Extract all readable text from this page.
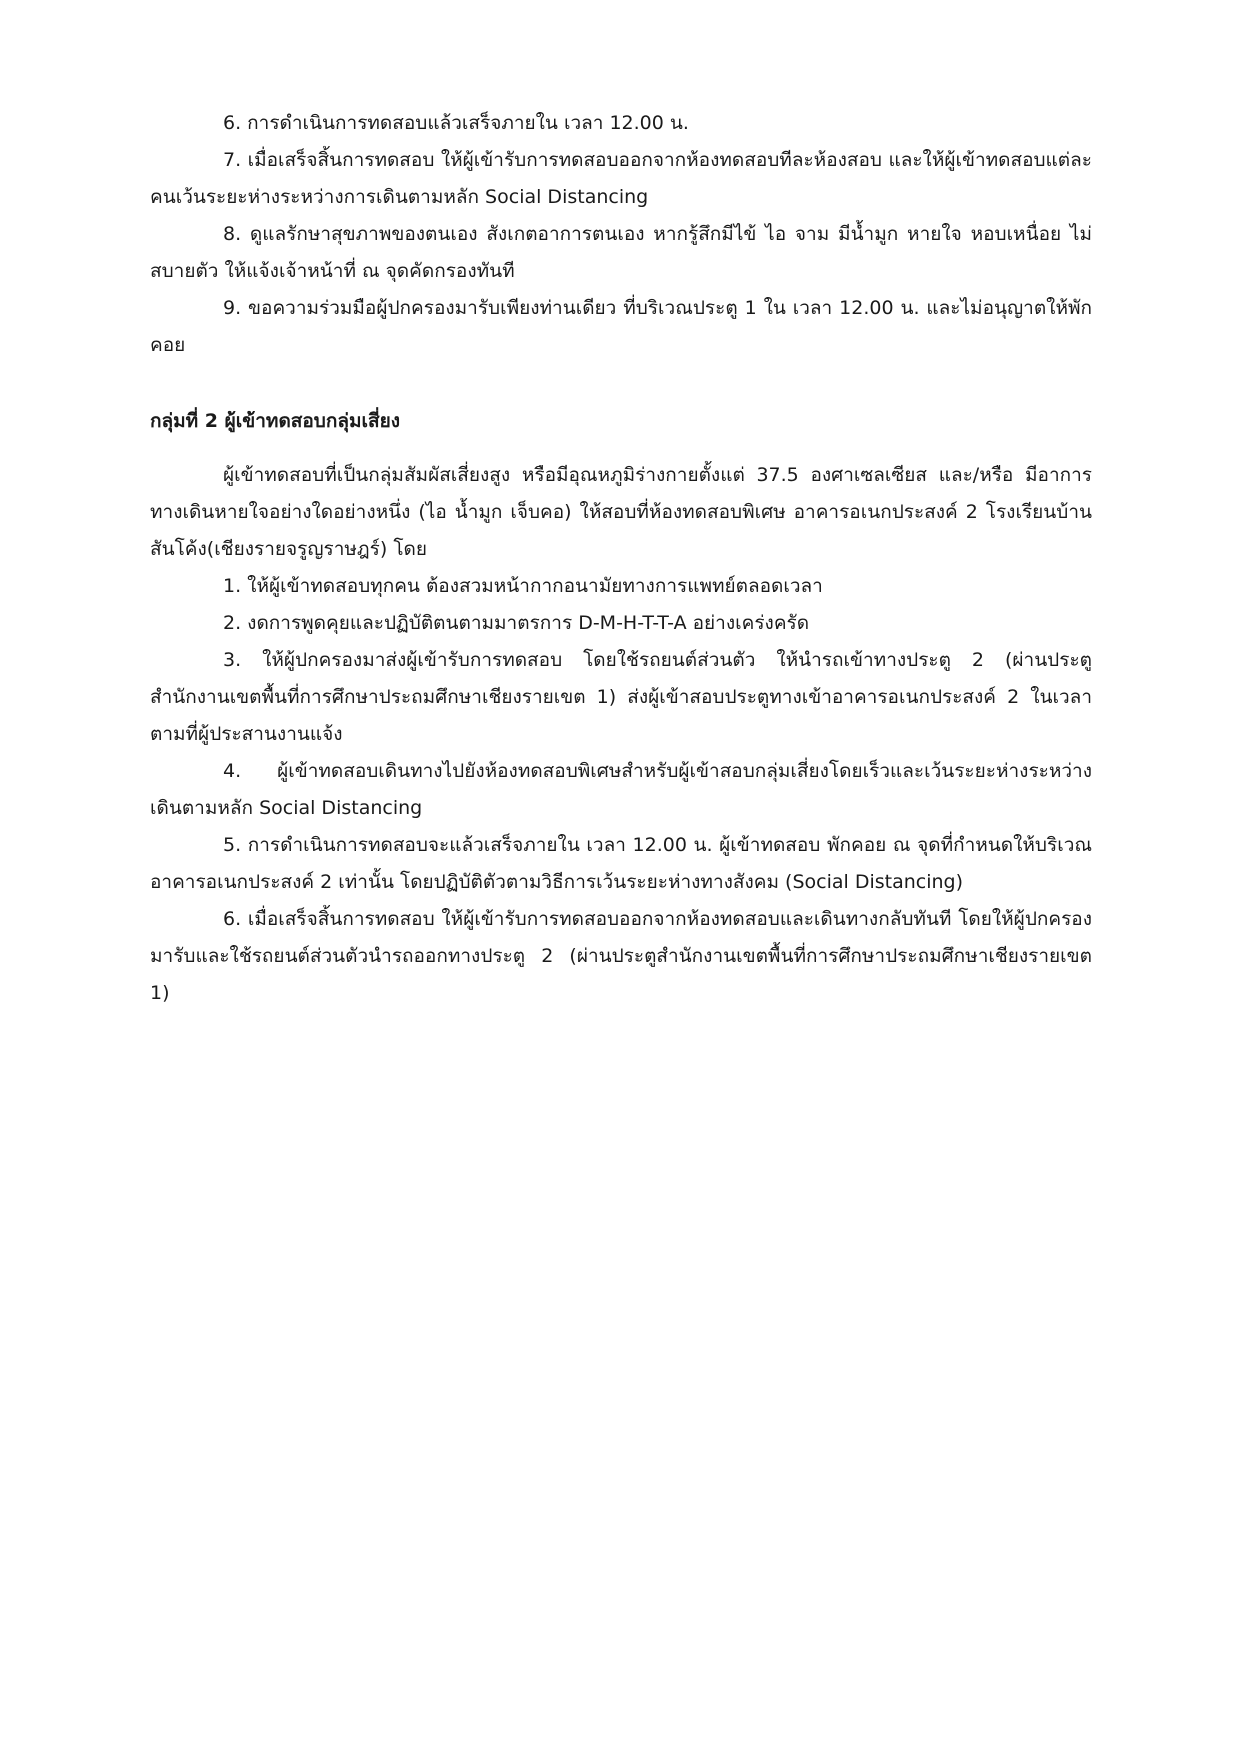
6. การดำเนินการทดสอบแล้วเสร็จภายใน เวลา 12.00 น.

7. เมื่อเสร็จสิ้นการทดสอบ ให้ผู้เข้ารับการทดสอบออกจากห้องทดสอบทีละห้องสอบ และให้ผู้เข้าทดสอบแต่ละคนเว้นระยะห่างระหว่างการเดินตามหลัก Social Distancing

8. ดูแลรักษาสุขภาพของตนเอง สังเกตอาการตนเอง หากรู้สึกมีไข้ ไอ จาม มีน้ำมูก หายใจ หอบเหนื่อย ไม่สบายตัว ให้แจ้งเจ้าหน้าที่ ณ จุดคัดกรองทันที

9. ขอความร่วมมือผู้ปกครองมารับเพียงท่านเดียว ที่บริเวณประตู 1 ใน เวลา 12.00 น. และไม่อนุญาตให้พักคอย

กลุ่มที่ 2 ผู้เข้าทดสอบกลุ่มเสี่ยง

ผู้เข้าทดสอบที่เป็นกลุ่มสัมผัสเสี่ยงสูง หรือมีอุณหภูมิร่างกายตั้งแต่ 37.5 องศาเซลเซียส และ/หรือ มีอาการทางเดินหายใจอย่างใดอย่างหนึ่ง (ไอ น้ำมูก เจ็บคอ) ให้สอบที่ห้องทดสอบพิเศษ อาคารอเนกประสงค์ 2 โรงเรียนบ้านสันโค้ง(เชียงรายจรูญราษฎร์) โดย

1. ให้ผู้เข้าทดสอบทุกคน ต้องสวมหน้ากากอนามัยทางการแพทย์ตลอดเวลา

2. งดการพูดคุยและปฏิบัติตนตามมาตรการ D-M-H-T-T-A อย่างเคร่งครัด

3. ให้ผู้ปกครองมาส่งผู้เข้ารับการทดสอบ โดยใช้รถยนต์ส่วนตัว ให้นำรถเข้าทางประตู 2 (ผ่านประตูสำนักงานเขตพื้นที่การศึกษาประถมศึกษาเชียงรายเขต 1) ส่งผู้เข้าสอบประตูทางเข้าอาคารอเนกประสงค์ 2 ในเวลาตามที่ผู้ประสานงานแจ้ง

4. ผู้เข้าทดสอบเดินทางไปยังห้องทดสอบพิเศษสำหรับผู้เข้าสอบกลุ่มเสี่ยงโดยเร็วและเว้นระยะห่างระหว่างเดินตามหลัก Social Distancing

5. การดำเนินการทดสอบจะแล้วเสร็จภายใน เวลา 12.00 น. ผู้เข้าทดสอบ พักคอย ณ จุดที่กำหนดให้บริเวณอาคารอเนกประสงค์ 2 เท่านั้น โดยปฏิบัติตัวตามวิธีการเว้นระยะห่างทางสังคม (Social Distancing)

6. เมื่อเสร็จสิ้นการทดสอบ ให้ผู้เข้ารับการทดสอบออกจากห้องทดสอบและเดินทางกลับทันที โดยให้ผู้ปกครองมารับและใช้รถยนต์ส่วนตัวนำรถออกทางประตู 2 (ผ่านประตูสำนักงานเขตพื้นที่การศึกษาประถมศึกษาเชียงรายเขต 1)
